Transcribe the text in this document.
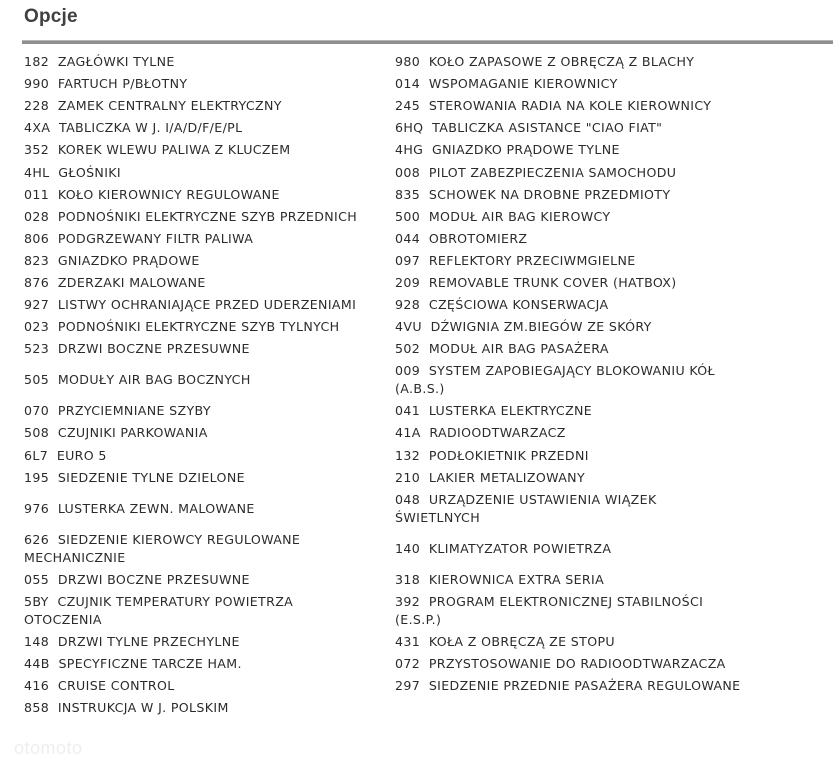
Opcje
182 ZAGŁÓWKI TYLNE
990 FARTUCH P/BŁOTNY
228 ZAMEK CENTRALNY ELEKTRYCZNY
4XA TABLICZKA W J. I/A/D/F/E/PL
352 KOREK WLEWU PALIWA Z KLUCZEM
4HL GŁOŚNIKI
011 KOŁO KIEROWNICY REGULOWANE
028 PODNOŚNIKI ELEKTRYCZNE SZYB PRZEDNICH
806 PODGRZEWANY FILTR PALIWA
823 GNIAZDKO PRĄDOWE
876 ZDERZAKI MALOWANE
927 LISTWY OCHRANIAJĄCE PRZED UDERZENIAMI
023 PODNOŚNIKI ELEKTRYCZNE SZYB TYLNYCH
523 DRZWI BOCZNE PRZESUWNE
505 MODUŁY AIR BAG BOCZNYCH
070 PRZYCIEMNIANE SZYBY
508 CZUJNIKI PARKOWANIA
6L7 EURO 5
195 SIEDZENIE TYLNE DZIELONE
976 LUSTERKA ZEWN. MALOWANE
626 SIEDZENIE KIEROWCY REGULOWANE MECHANICZNIE
055 DRZWI BOCZNE PRZESUWNE
5BY CZUJNIK TEMPERATURY POWIETRZA OTOCZENIA
148 DRZWI TYLNE PRZECHYLNE
44B SPECYFICZNE TARCZE HAM.
416 CRUISE CONTROL
858 INSTRUKCJA W J. POLSKIM
980 KOŁO ZAPASOWE Z OBRĘCZĄ Z BLACHY
014 WSPOMAGANIE KIEROWNICY
245 STEROWANIA RADIA NA KOLE KIEROWNICY
6HQ TABLICZKA ASISTANCE "CIAO FIAT"
4HG GNIAZDKO PRĄDOWE TYLNE
008 PILOT ZABEZPIECZENIA SAMOCHODU
835 SCHOWEK NA DROBNE PRZEDMIOTY
500 MODUŁ AIR BAG KIEROWCY
044 OBROTOMIERZ
097 REFLEKTORY PRZECIWMGIELNE
209 REMOVABLE TRUNK COVER (HATBOX)
928 CZĘŚCIOWA KONSERWACJA
4VU DŹWIGNIA ZM.BIEGÓW ZE SKÓRY
502 MODUŁ AIR BAG PASAŻERA
009 SYSTEM ZAPOBIEGAJĄCY BLOKOWANIU KÓŁ (A.B.S.)
041 LUSTERKA ELEKTRYCZNE
41A RADIOODTWARZACZ
132 PODŁOKIETNIK PRZEDNI
210 LAKIER METALIZOWANY
048 URZĄDZENIE USTAWIENIA WIĄZEK ŚWIETLNYCH
140 KLIMATYZATOR POWIETRZA
318 KIEROWNICA EXTRA SERIA
392 PROGRAM ELEKTRONICZNEJ STABILNOŚCI (E.S.P.)
431 KOŁA Z OBRĘCZĄ ZE STOPU
072 PRZYSTOSOWANIE DO RADIOODTWARZACZA
297 SIEDZENIE PRZEDNIE PASAŻERA REGULOWANE
otomoto
